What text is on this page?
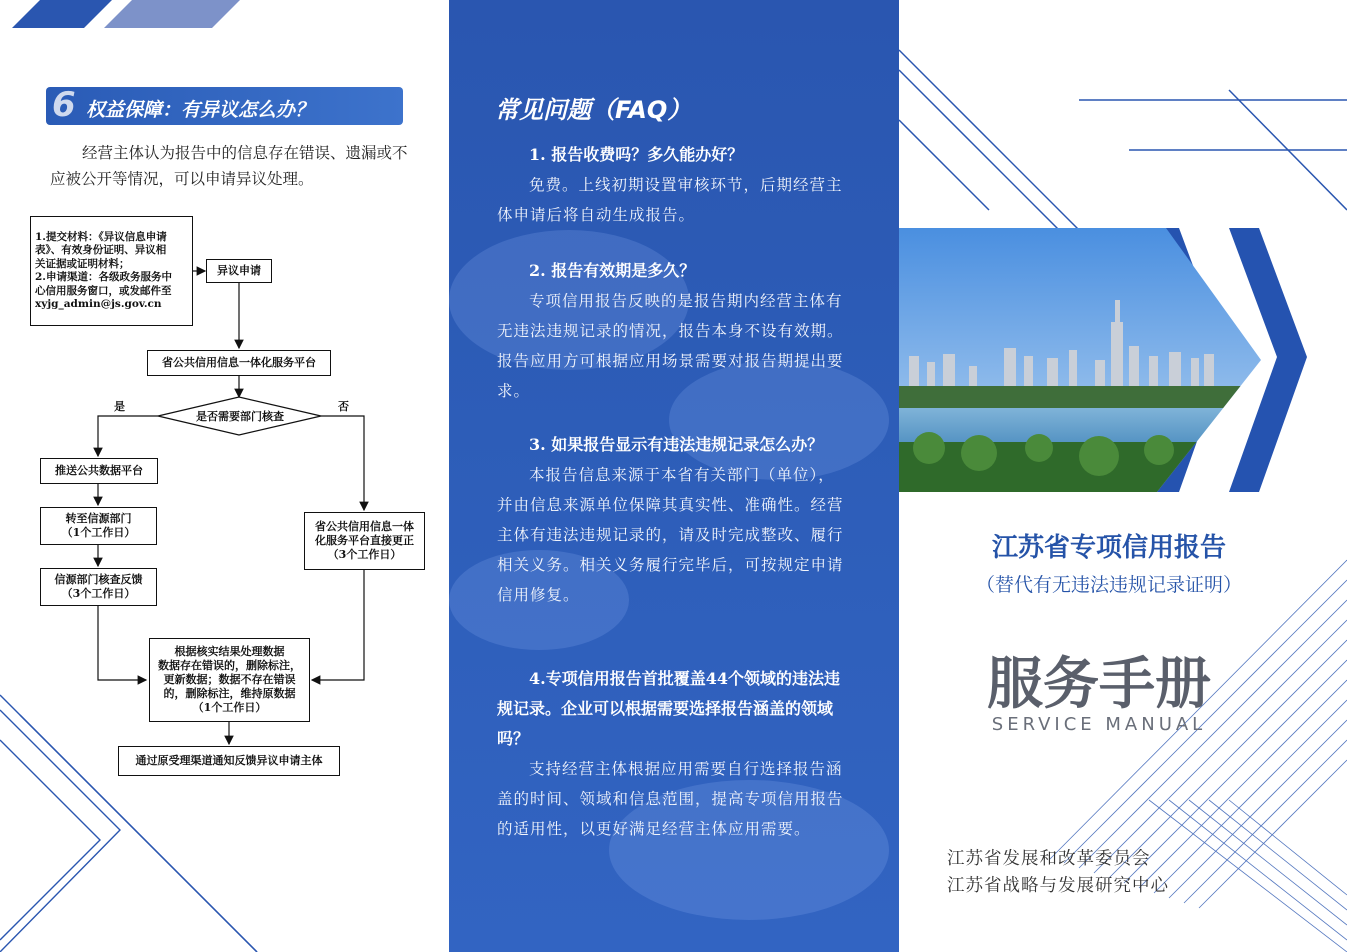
6 权益保障：有异议怎么办？
经营主体认为报告中的信息存在错误、遗漏或不应被公开等情况，可以申请异议处理。
1.提交材料：《异议信息申请
表》、有效身份证明、异议相
关证据或证明材料；
2.申请渠道：各级政务服务中
心信用服务窗口，或发邮件至
xyjg_admin@js.gov.cn
异议申请
省公共信用信息一体化服务平台
是否需要部门核查
是	否
推送公共数据平台
转至信源部门
（1个工作日）
信源部门核查反馈
（3个工作日）
省公共信用信息一体
化服务平台直接更正
（3个工作日）
根据核实结果处理数据
数据存在错误的，删除标注，
更新数据；数据不存在错误
的，删除标注，维持原数据
（1个工作日）
通过原受理渠道通知反馈异议申请主体
常见问题（FAQ）
1. 报告收费吗？多久能办好？
免费。上线初期设置审核环节，后期经营主体申请后将自动生成报告。
2. 报告有效期是多久？
专项信用报告反映的是报告期内经营主体有无违法违规记录的情况，报告本身不设有效期。报告应用方可根据应用场景需要对报告期提出要求。
3. 如果报告显示有违法违规记录怎么办？
本报告信息来源于本省有关部门（单位），并由信息来源单位保障其真实性、准确性。经营主体有违法违规记录的，请及时完成整改、履行相关义务。相关义务履行完毕后，可按规定申请信用修复。
4.专项信用报告首批覆盖44个领域的违法违规记录。企业可以根据需要选择报告涵盖的领域吗？
支持经营主体根据应用需要自行选择报告涵盖的时间、领域和信息范围，提高专项信用报告的适用性，以更好满足经营主体应用需要。
江苏省专项信用报告
（替代有无违法违规记录证明）
服务手册
SERVICE MANUAL
江苏省发展和改革委员会
江苏省战略与发展研究中心
